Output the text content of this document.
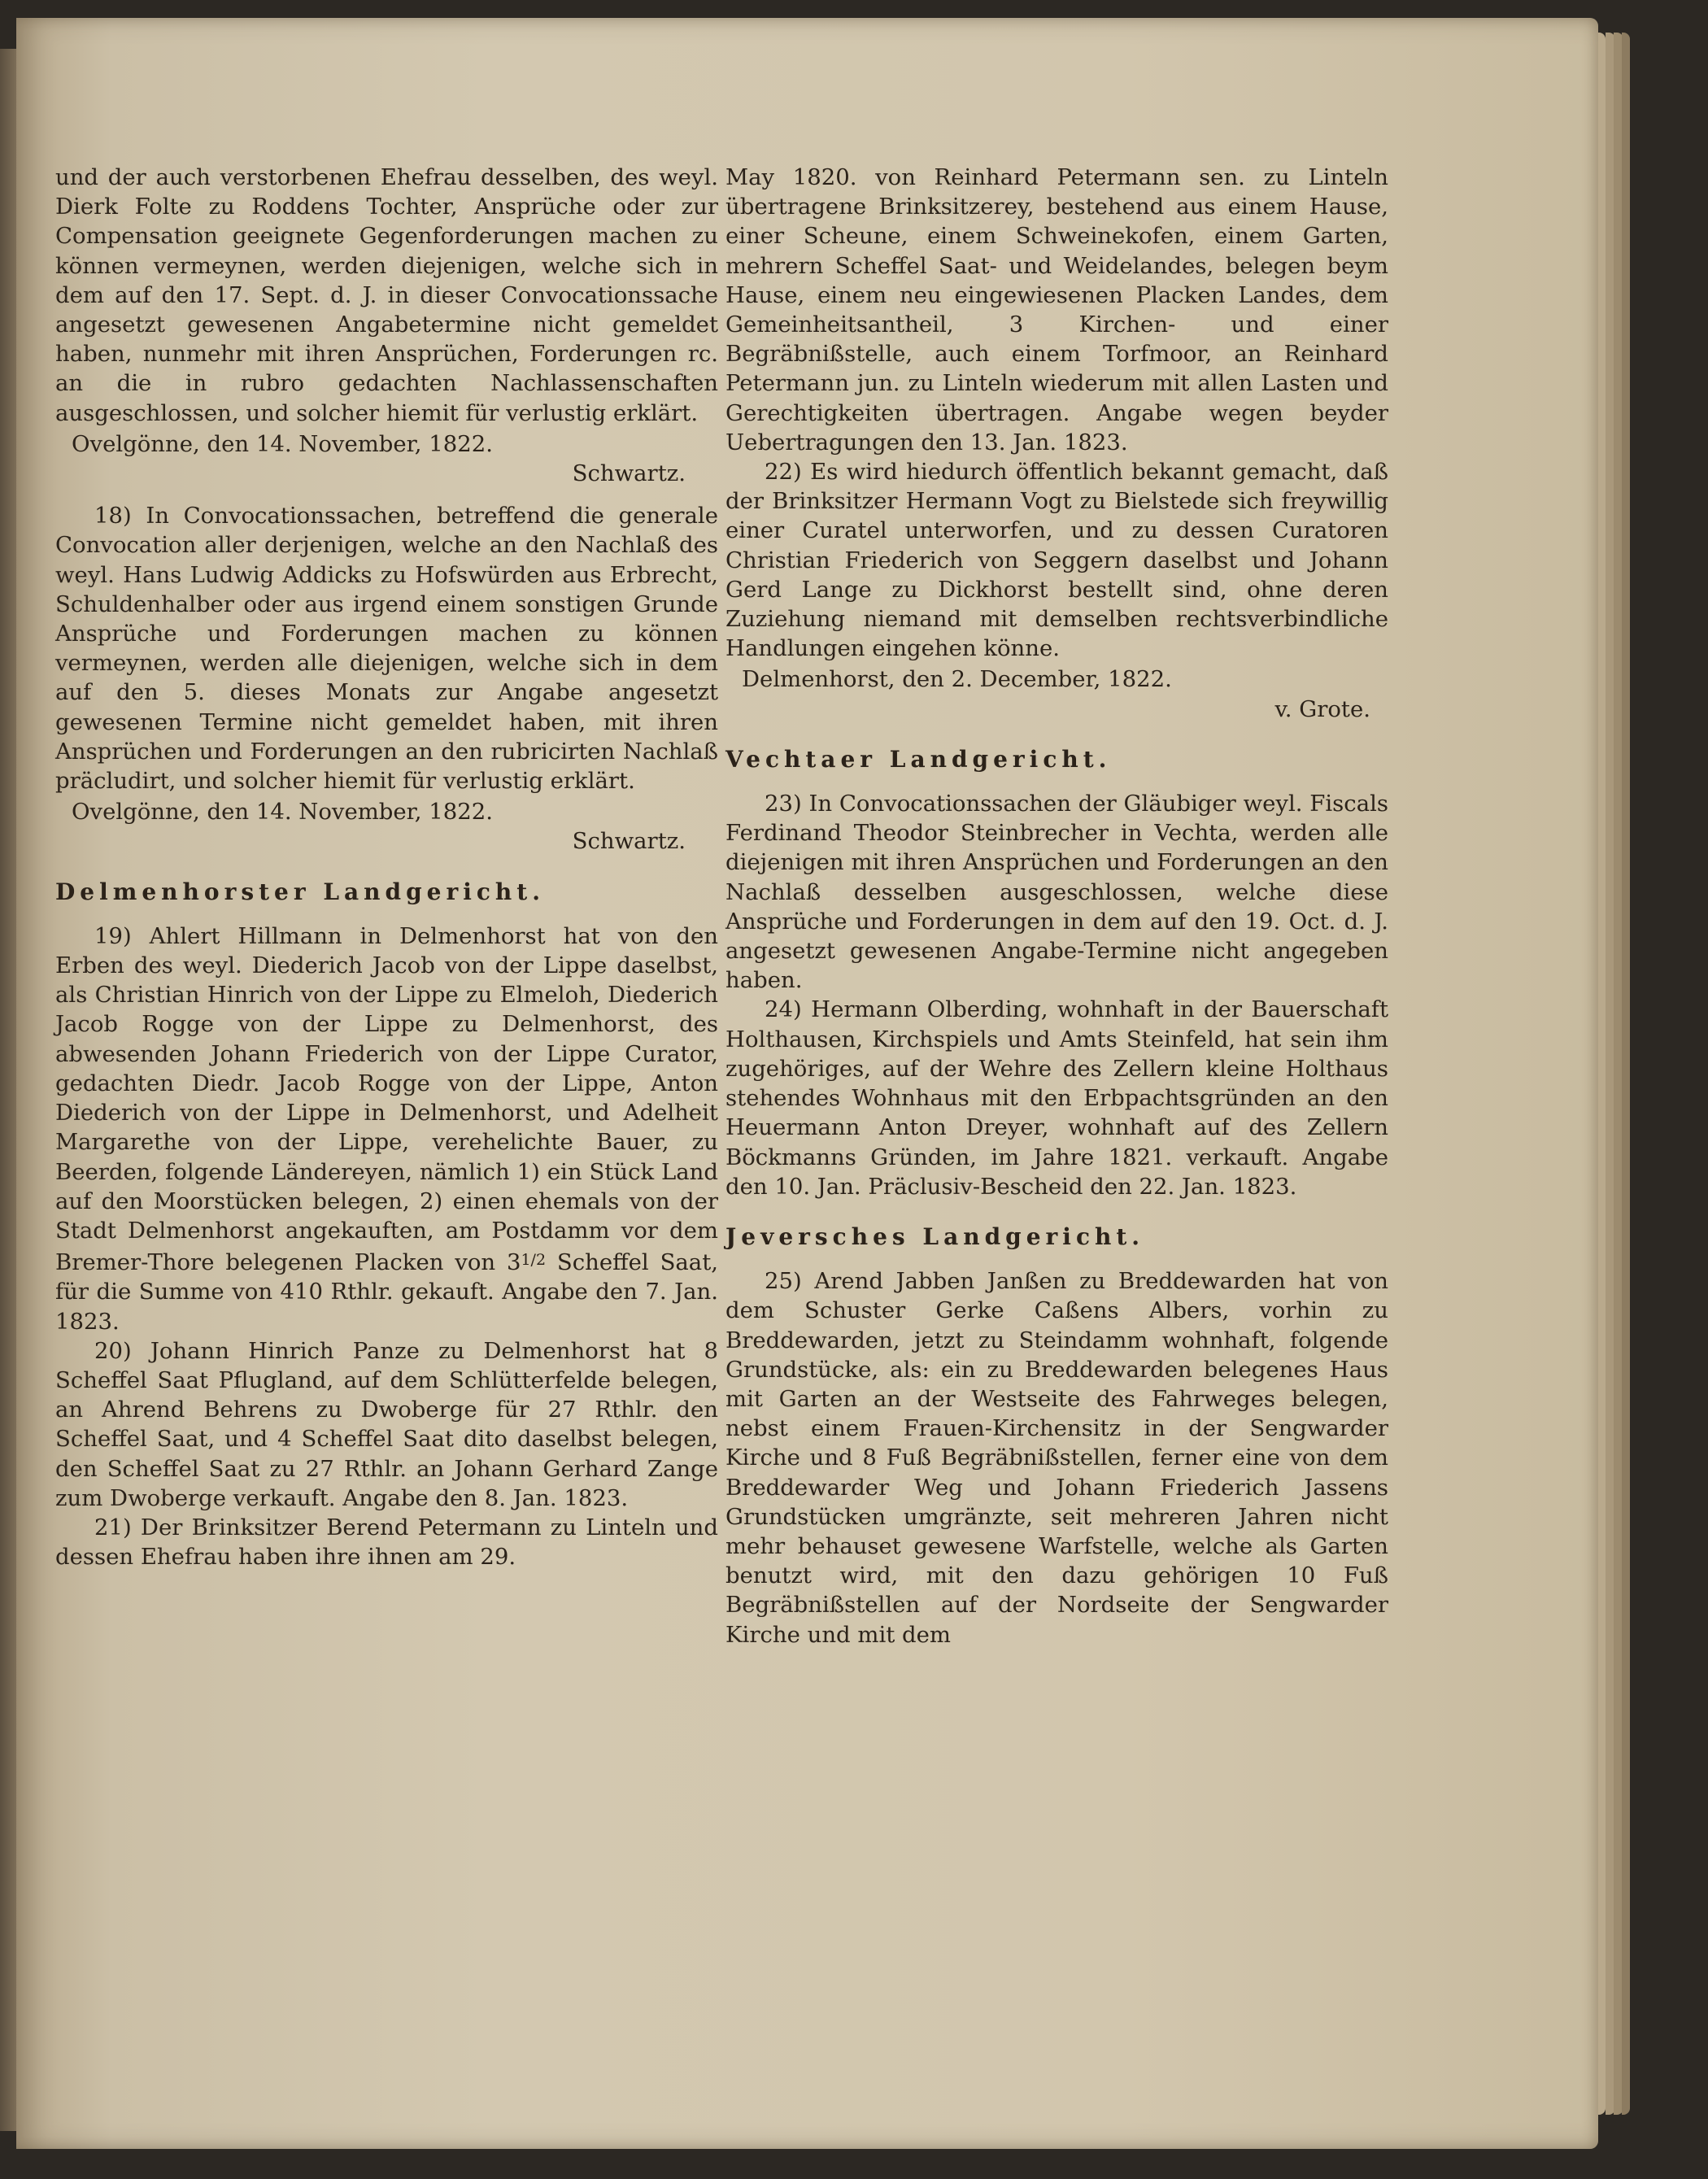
und der auch verstorbenen Ehefrau desselben, des weyl. Dierk Folte zu Roddens Tochter, Ansprüche oder zur Compensation geeignete Gegenforderungen machen zu können vermeynen, werden diejenigen, welche sich in dem auf den 17. Sept. d. J. in dieser Convocationssache angesetzt gewesenen Angabetermine nicht gemeldet haben, nunmehr mit ihren Ansprüchen, Forderungen rc. an die in rubro gedachten Nachlassenschaften ausgeschlossen, und solcher hiemit für verlustig erklärt.

Ovelgönne, den 14. November, 1822.

Schwartz.

18) In Convocationssachen, betreffend die generale Convocation aller derjenigen, welche an den Nachlaß des weyl. Hans Ludwig Addicks zu Hofswürden aus Erbrecht, Schuldenhalber oder aus irgend einem sonstigen Grunde Ansprüche und Forderungen machen zu können vermeynen, werden alle diejenigen, welche sich in dem auf den 5. dieses Monats zur Angabe angesetzt gewesenen Termine nicht gemeldet haben, mit ihren Ansprüchen und Forderungen an den rubricirten Nachlaß präcludirt, und solcher hiemit für verlustig erklärt.

Ovelgönne, den 14. November, 1822.

Schwartz.

Delmenhorster Landgericht.

19) Ahlert Hillmann in Delmenhorst hat von den Erben des weyl. Diederich Jacob von der Lippe daselbst, als Christian Hinrich von der Lippe zu Elmeloh, Diederich Jacob Rogge von der Lippe zu Delmenhorst, des abwesenden Johann Friederich von der Lippe Curator, gedachten Diedr. Jacob Rogge von der Lippe, Anton Diederich von der Lippe in Delmenhorst, und Adelheit Margarethe von der Lippe, verehelichte Bauer, zu Beerden, folgende Ländereyen, nämlich 1) ein Stück Land auf den Moorstücken belegen, 2) einen ehemals von der Stadt Delmenhorst angekauften, am Postdamm vor dem Bremer-Thore belegenen Placken von $3^{1/2}$ Scheffel Saat, für die Summe von 410 Rthlr. gekauft. Angabe den 7. Jan. 1823.

20) Johann Hinrich Panze zu Delmenhorst hat 8 Scheffel Saat Pflugland, auf dem Schlütterfelde belegen, an Ahrend Behrens zu Dwoberge für 27 Rthlr. den Scheffel Saat, und 4 Scheffel Saat dito daselbst belegen, den Scheffel Saat zu 27 Rthlr. an Johann Gerhard Zange zum Dwoberge verkauft. Angabe den 8. Jan. 1823.

21) Der Brinksitzer Berend Petermann zu Linteln und dessen Ehefrau haben ihre ihnen am 29.

May 1820. von Reinhard Petermann sen. zu Linteln übertragene Brinksitzerey, bestehend aus einem Hause, einer Scheune, einem Schweinekofen, einem Garten, mehrern Scheffel Saat- und Weidelandes, belegen beym Hause, einem neu eingewiesenen Placken Landes, dem Gemeinheitsantheil, 3 Kirchen- und einer Begräbnißstelle, auch einem Torfmoor, an Reinhard Petermann jun. zu Linteln wiederum mit allen Lasten und Gerechtigkeiten übertragen. Angabe wegen beyder Uebertragungen den 13. Jan. 1823.

22) Es wird hiedurch öffentlich bekannt gemacht, daß der Brinksitzer Hermann Vogt zu Bielstede sich freywillig einer Curatel unterworfen, und zu dessen Curatoren Christian Friederich von Seggern daselbst und Johann Gerd Lange zu Dickhorst bestellt sind, ohne deren Zuziehung niemand mit demselben rechtsverbindliche Handlungen eingehen könne.

Delmenhorst, den 2. December, 1822.

v. Grote.

Vechtaer Landgericht.

23) In Convocationssachen der Gläubiger weyl. Fiscals Ferdinand Theodor Steinbrecher in Vechta, werden alle diejenigen mit ihren Ansprüchen und Forderungen an den Nachlaß desselben ausgeschlossen, welche diese Ansprüche und Forderungen in dem auf den 19. Oct. d. J. angesetzt gewesenen Angabe-Termine nicht angegeben haben.

24) Hermann Olberding, wohnhaft in der Bauerschaft Holthausen, Kirchspiels und Amts Steinfeld, hat sein ihm zugehöriges, auf der Wehre des Zellern kleine Holthaus stehendes Wohnhaus mit den Erbpachtsgründen an den Heuermann Anton Dreyer, wohnhaft auf des Zellern Böckmanns Gründen, im Jahre 1821. verkauft. Angabe den 10. Jan. Präclusiv-Bescheid den 22. Jan. 1823.

Jeversches Landgericht.

25) Arend Jabben Janßen zu Breddewarden hat von dem Schuster Gerke Caßens Albers, vorhin zu Breddewarden, jetzt zu Steindamm wohnhaft, folgende Grundstücke, als: ein zu Breddewarden belegenes Haus mit Garten an der Westseite des Fahrweges belegen, nebst einem Frauen-Kirchensitz in der Sengwarder Kirche und 8 Fuß Begräbnißstellen, ferner eine von dem Breddewarder Weg und Johann Friederich Jassens Grundstücken umgränzte, seit mehreren Jahren nicht mehr behauset gewesene Warfstelle, welche als Garten benutzt wird, mit den dazu gehörigen 10 Fuß Begräbnißstellen auf der Nordseite der Sengwarder Kirche und mit dem
